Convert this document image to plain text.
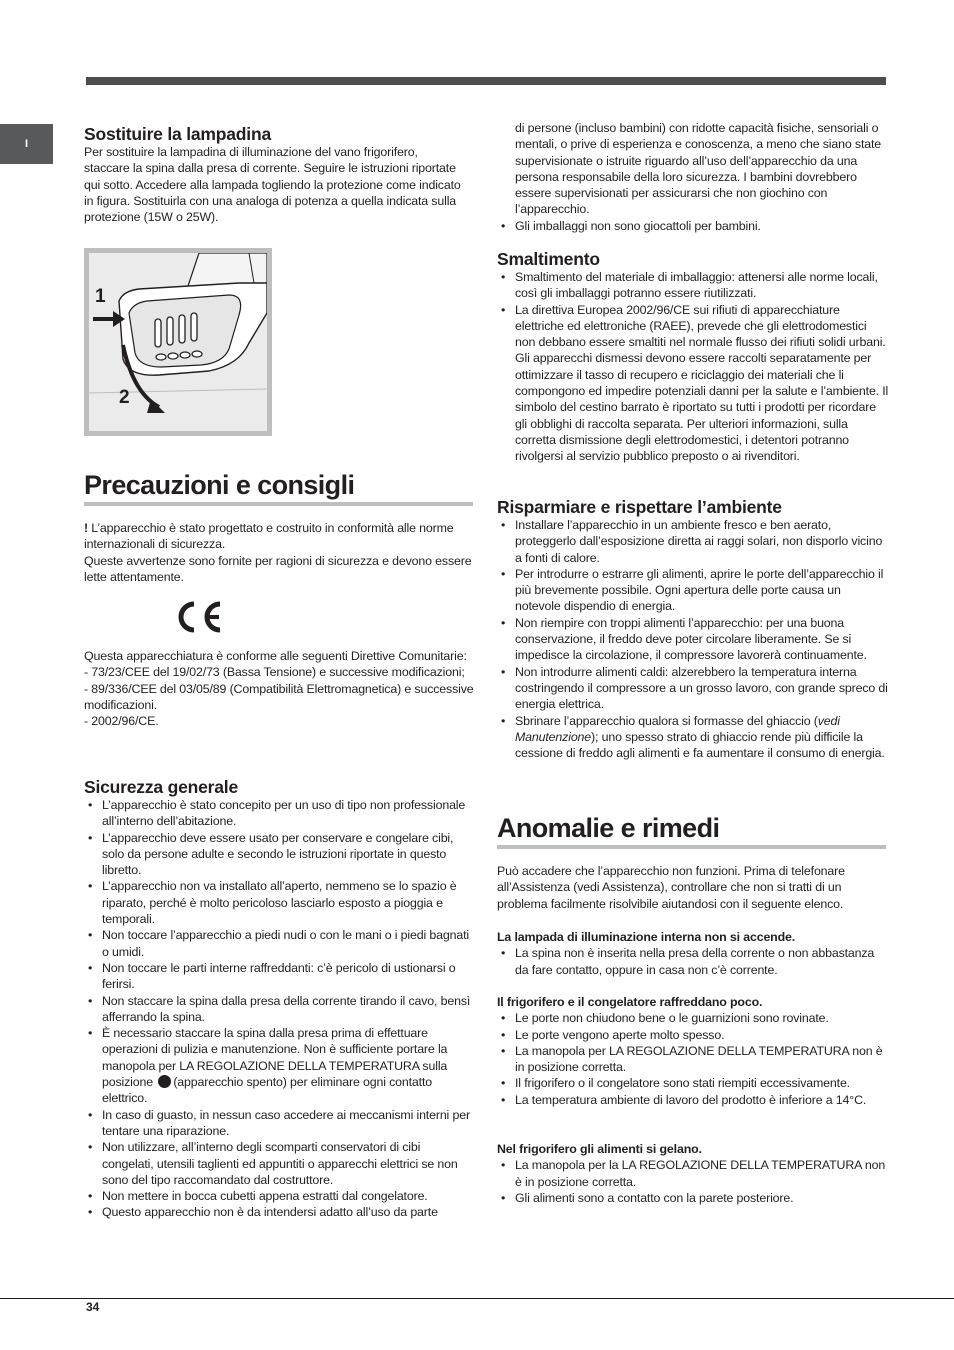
I	Sostituire la lampadina

Per sostituire la lampadina di illuminazione del vano frigorifero, staccare la spina dalla presa di corrente. Seguire le istruzioni riportate qui sotto. Accedere alla lampada togliendo la protezione come indicato in figura. Sostituirla con una analoga di potenza a quella indicata sulla protezione (15W o 25W).

1
2
Precauzioni e consigli

! L’apparecchio è stato progettato e costruito in conformità alle norme internazionali di sicurezza.

Queste avvertenze sono fornite per ragioni di sicurezza e devono essere lette attentamente.

Questa apparecchiatura è conforme alle seguenti Direttive Comunitarie:

- 73/23/CEE del 19/02/73 (Bassa Tensione) e successive modificazioni;

- 89/336/CEE del 03/05/89 (Compatibilità Elettromagnetica) e successive modificazioni.

- 2002/96/CE.

Sicurezza generale
• L’apparecchio è stato concepito per un uso di tipo non professionale all’interno dell’abitazione.
• L’apparecchio deve essere usato per conservare e congelare cibi, solo da persone adulte e secondo le istruzioni riportate in questo libretto.
• L’apparecchio non va installato all’aperto, nemmeno se lo spazio è riparato, perché è molto pericoloso lasciarlo esposto a pioggia e temporali.
• Non toccare l’apparecchio a piedi nudi o con le mani o i piedi bagnati o umidi.
• Non toccare le parti interne raffreddanti: c’è pericolo di ustionarsi o ferirsi.
• Non staccare la spina dalla presa della corrente tirando il cavo, bensì afferrando la spina.
• È necessario staccare la spina dalla presa prima di effettuare operazioni di pulizia e manutenzione. Non è sufficiente portare la manopola per LA REGOLAZIONE DELLA TEMPERATURA sulla posizione (apparecchio spento) per eliminare ogni contatto elettrico.
• In caso di guasto, in nessun caso accedere ai meccanismi interni per tentare una riparazione.
• Non utilizzare, all’interno degli scomparti conservatori di cibi congelati, utensili taglienti ed appuntiti o apparecchi elettrici se non sono del tipo raccomandato dal costruttore.
• Non mettere in bocca cubetti appena estratti dal congelatore.
• Questo apparecchio non è da intendersi adatto all’uso da parte

di persone (incluso bambini) con ridotte capacità fisiche, sensoriali o mentali, o prive di esperienza e conoscenza, a meno che siano state supervisionate o istruite riguardo all’uso dell’apparecchio da una persona responsabile della loro sicurezza. I bambini dovrebbero essere supervisionati per assicurarsi che non giochino con l’apparecchio.

• Gli imballaggi non sono giocattoli per bambini.
Smaltimento
• Smaltimento del materiale di imballaggio: attenersi alle norme locali, così gli imballaggi potranno essere riutilizzati.
• La direttiva Europea 2002/96/CE sui rifiuti di apparecchiature elettriche ed elettroniche (RAEE), prevede che gli elettrodomestici non debbano essere smaltiti nel normale flusso dei rifiuti solidi urbani. Gli apparecchi dismessi devono essere raccolti separatamente per ottimizzare il tasso di recupero e riciclaggio dei materiali che li compongono ed impedire potenziali danni per la salute e l’ambiente. Il simbolo del cestino barrato è riportato su tutti i prodotti per ricordare gli obblighi di raccolta separata. Per ulteriori informazioni, sulla corretta dismissione degli elettrodomestici, i detentori potranno rivolgersi al servizio pubblico preposto o ai rivenditori.
Risparmiare e rispettare l’ambiente
• Installare l’apparecchio in un ambiente fresco e ben aerato, proteggerlo dall’esposizione diretta ai raggi solari, non disporlo vicino a fonti di calore.
• Per introdurre o estrarre gli alimenti, aprire le porte dell’apparecchio il più brevemente possibile. Ogni apertura delle porte causa un notevole dispendio di energia.
• Non riempire con troppi alimenti l’apparecchio: per una buona conservazione, il freddo deve poter circolare liberamente. Se si impedisce la circolazione, il compressore lavorerà continuamente.
• Non introdurre alimenti caldi: alzerebbero la temperatura interna costringendo il compressore a un grosso lavoro, con grande spreco di energia elettrica.
• Sbrinare l’apparecchio qualora si formasse del ghiaccio (vedi Manutenzione); uno spesso strato di ghiaccio rende più difficile la cessione di freddo agli alimenti e fa aumentare il consumo di energia.
Anomalie e rimedi

Può accadere che l’apparecchio non funzioni. Prima di telefonare all’Assistenza (vedi Assistenza), controllare che non si tratti di un problema facilmente risolvibile aiutandosi con il seguente elenco.

La lampada di illuminazione interna non si accende.

• La spina non è inserita nella presa della corrente o non abbastanza da fare contatto, oppure in casa non c’è corrente.

Il frigorifero e il congelatore raffreddano poco.

• Le porte non chiudono bene o le guarnizioni sono rovinate.
• Le porte vengono aperte molto spesso.
• La manopola per LA REGOLAZIONE DELLA TEMPERATURA non è in posizione corretta.
• Il frigorifero o il congelatore sono stati riempiti eccessivamente.
• La temperatura ambiente di lavoro del prodotto è inferiore a 14°C.

Nel frigorifero gli alimenti si gelano.

• La manopola per la LA REGOLAZIONE DELLA TEMPERATURA non è in posizione corretta.
• Gli alimenti sono a contatto con la parete posteriore.
34
